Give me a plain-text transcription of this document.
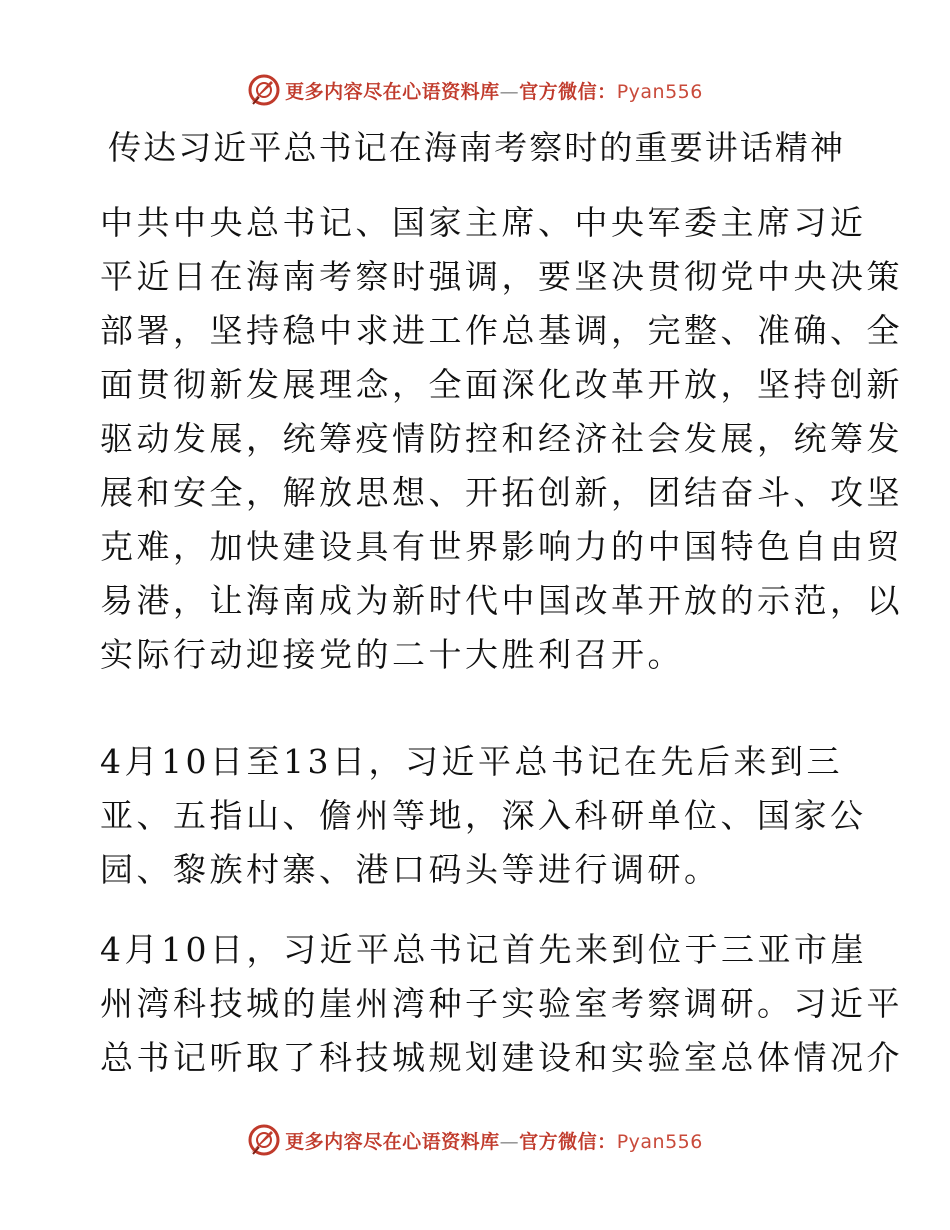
更多内容尽在心语资料库—官方微信：Pyan556
传达习近平总书记在海南考察时的重要讲话精神

中共中央总书记、国家主席、中央军委主席习近
平近日在海南考察时强调，要坚决贯彻党中央决策
部署，坚持稳中求进工作总基调，完整、准确、全
面贯彻新发展理念，全面深化改革开放，坚持创新
驱动发展，统筹疫情防控和经济社会发展，统筹发
展和安全，解放思想、开拓创新，团结奋斗、攻坚
克难，加快建设具有世界影响力的中国特色自由贸
易港，让海南成为新时代中国改革开放的示范，以
实际行动迎接党的二十大胜利召开。

4月10日至13日，习近平总书记在先后来到三
亚、五指山、儋州等地，深入科研单位、国家公
园、黎族村寨、港口码头等进行调研。

4月10日，习近平总书记首先来到位于三亚市崖
州湾科技城的崖州湾种子实验室考察调研。习近平
总书记听取了科技城规划建设和实验室总体情况介

更多内容尽在心语资料库—官方微信：Pyan556
